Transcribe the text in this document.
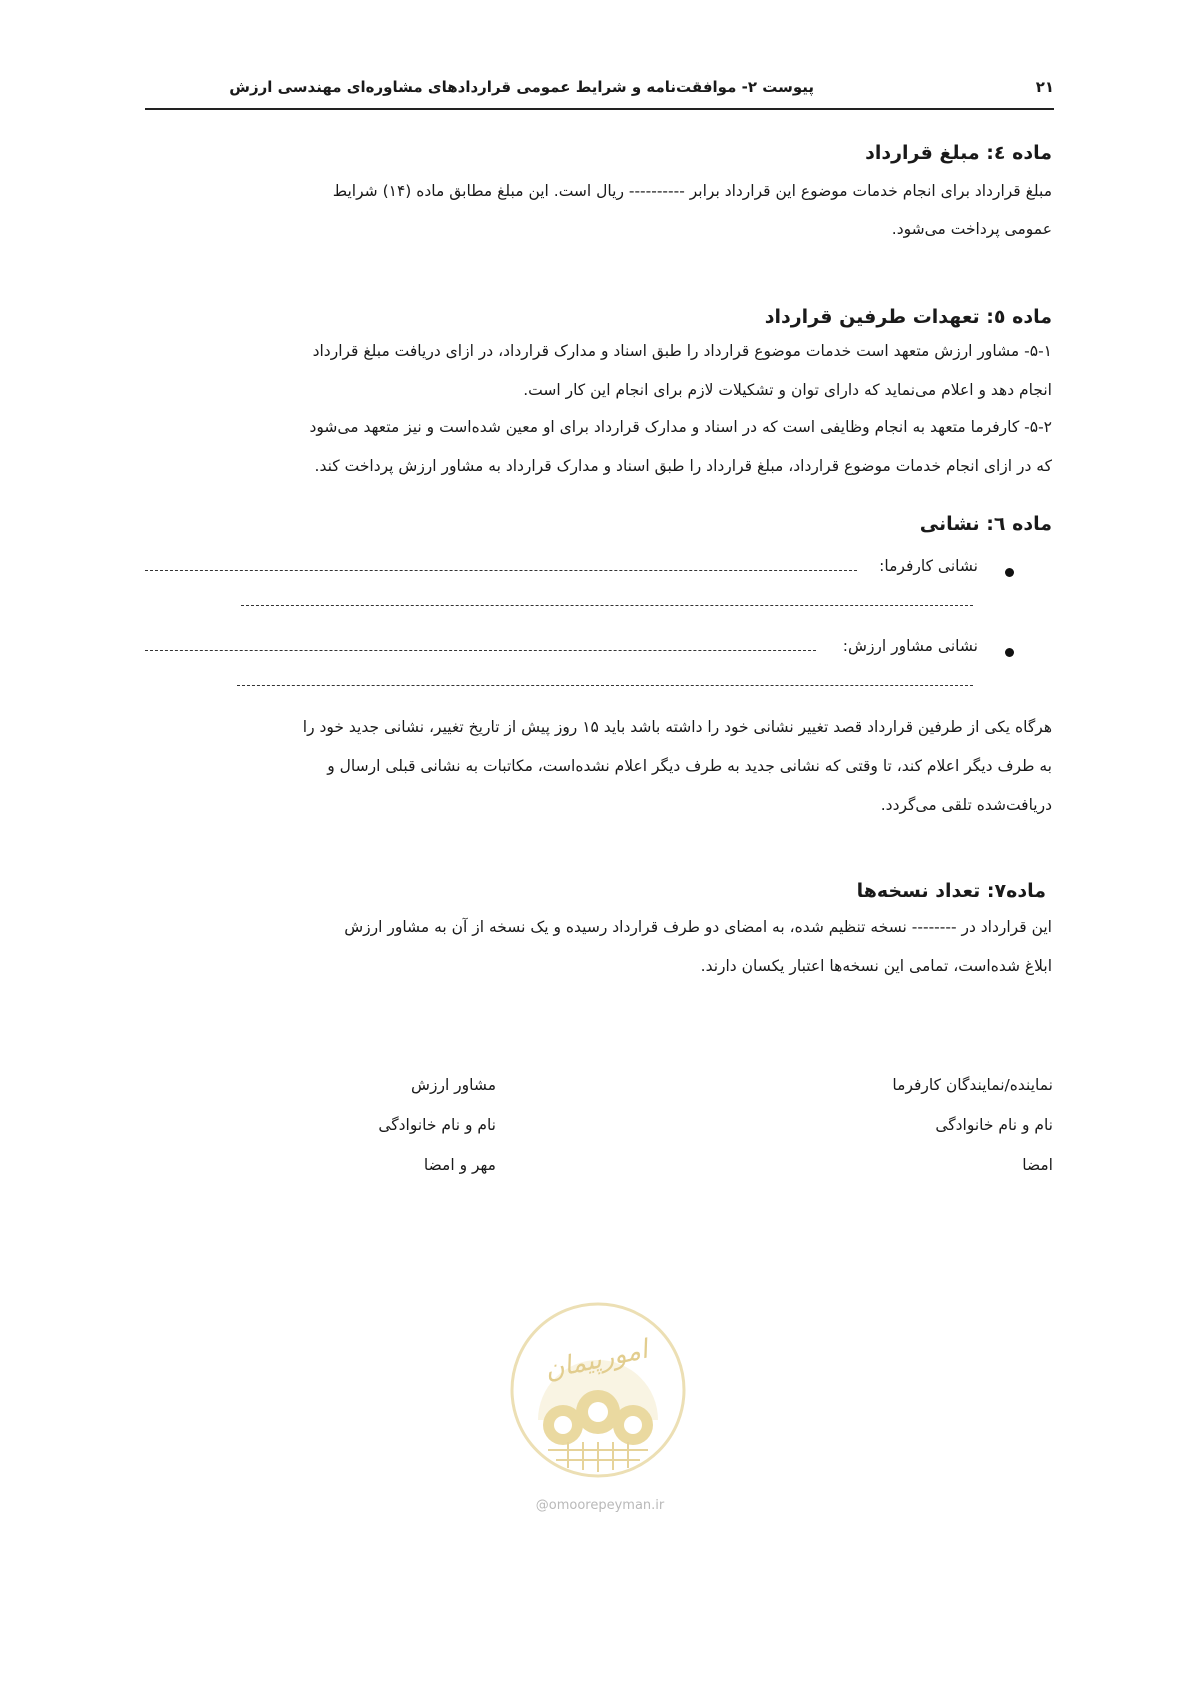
۲۱
پیوست ۲- موافقت‌نامه و شرایط عمومی قراردادهای مشاوره‌ای مهندسی ارزش
ماده ٤: مبلغ قرارداد
مبلغ قرارداد برای انجام خدمات موضوع این قرارداد برابر ---------- ریال است. این مبلغ مطابق ماده (۱۴) شرایط
عمومی پرداخت می‌شود.
ماده ٥: تعهدات طرفین قرارداد
۵-۱- مشاور ارزش متعهد است خدمات موضوع قرارداد را طبق اسناد و مدارک قرارداد، در ازای دریافت مبلغ قرارداد
انجام دهد و اعلام می‌نماید که دارای توان و تشکیلات لازم برای انجام این کار است.
۵-۲- کارفرما متعهد به انجام وظایفی است که در اسناد و مدارک قرارداد برای او معین شده‌است و نیز متعهد می‌شود
که در ازای انجام خدمات موضوع قرارداد، مبلغ قرارداد را طبق اسناد و مدارک قرارداد به مشاور ارزش پرداخت کند.
ماده ٦: نشانی
نشانی کارفرما:
نشانی مشاور ارزش:
هرگاه یکی از طرفین قرارداد قصد تغییر نشانی خود را داشته باشد باید ۱۵ روز پیش از تاریخ تغییر، نشانی جدید خود را
به طرف دیگر اعلام کند، تا وقتی که نشانی جدید به طرف دیگر اعلام نشده‌است، مکاتبات به نشانی قبلی ارسال و
دریافت‌شده تلقی می‌گردد.
ماده۷: تعداد نسخه‌ها
این قرارداد در -------- نسخه تنظیم شده، به امضای دو طرف قرارداد رسیده و یک نسخه از آن به مشاور ارزش
ابلاغ شده‌است، تمامی این نسخه‌ها اعتبار یکسان دارند.
نماینده/نمایندگان کارفرما
نام و نام خانوادگی
امضا
مشاور ارزش
نام و نام خانوادگی
مهر و امضا
امورپیمان
@omoorepeyman.ir
